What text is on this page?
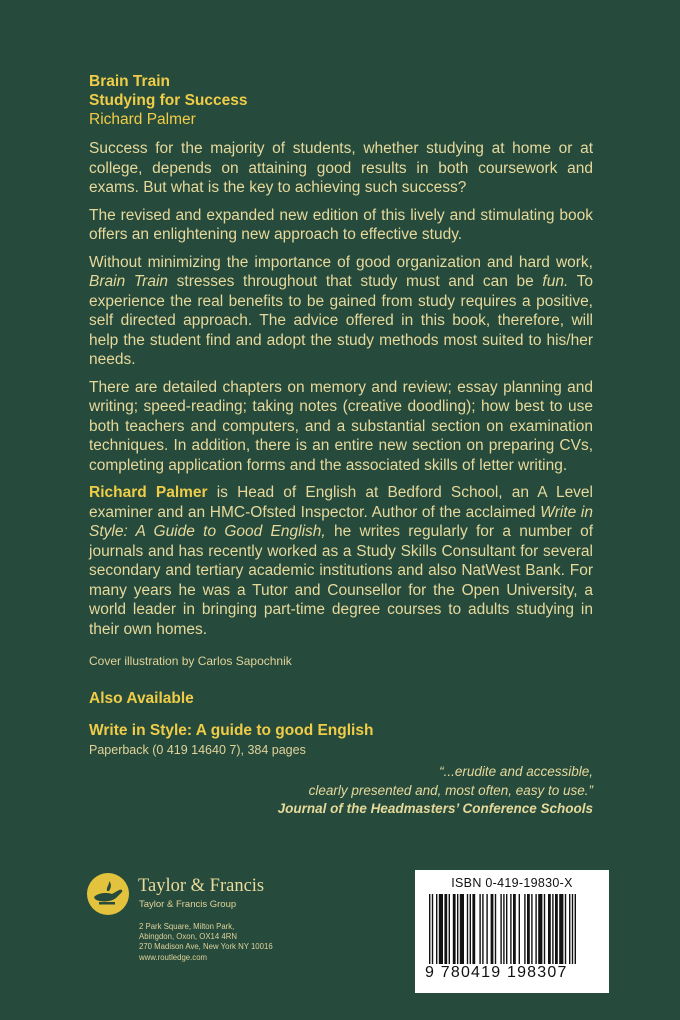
Brain Train
Studying for Success
Richard Palmer

Success for the majority of students, whether studying at home or at college, depends on attaining good results in both coursework and exams. But what is the key to achieving such success?

The revised and expanded new edition of this lively and stimulating book offers an enlightening new approach to effective study.

Without minimizing the importance of good organization and hard work, Brain Train stresses throughout that study must and can be fun. To experience the real benefits to be gained from study requires a positive, self directed approach. The advice offered in this book, therefore, will help the student find and adopt the study methods most suited to his/her needs.

There are detailed chapters on memory and review; essay planning and writing; speed-reading; taking notes (creative doodling); how best to use both teachers and computers, and a substantial section on examination techniques. In addition, there is an entire new section on preparing CVs, completing application forms and the associated skills of letter writing.

Richard Palmer is Head of English at Bedford School, an A Level examiner and an HMC-Ofsted Inspector. Author of the acclaimed Write in Style: A Guide to Good English, he writes regularly for a number of journals and has recently worked as a Study Skills Consultant for several secondary and tertiary academic institutions and also NatWest Bank. For many years he was a Tutor and Counsellor for the Open University, a world leader in bringing part-time degree courses to adults studying in their own homes.

Cover illustration by Carlos Sapochnik
Also Available
Write in Style: A guide to good English
Paperback (0 419 14640 7), 384 pages
“...erudite and accessible,
clearly presented and, most often, easy to use.”
Journal of the Headmasters’ Conference Schools
Taylor & Francis
Taylor & Francis Group
2 Park Square, Milton Park,
Abingdon, Oxon, OX14 4RN
270 Madison Ave, New York NY 10016
www.routledge.com
ISBN 0-419-19830-X
9 780419 198307
